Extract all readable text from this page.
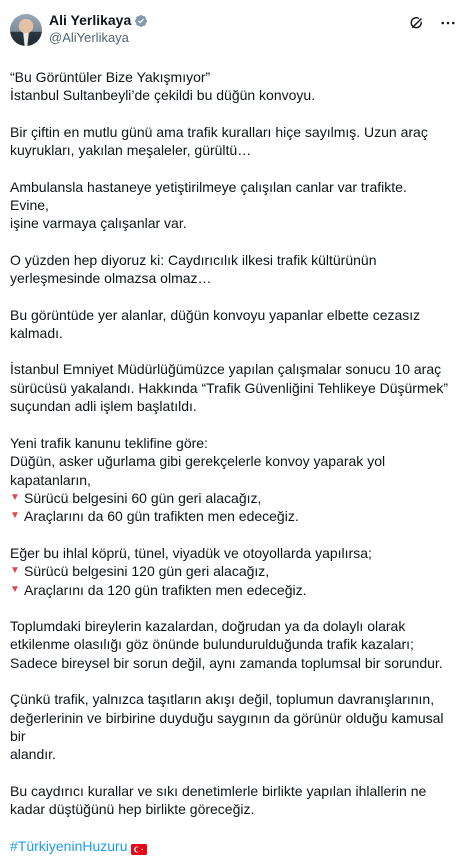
Ali Yerlikaya
@AliYerlikaya
“Bu Görüntüler Bize Yakışmıyor”
İstanbul Sultanbeyli’de çekildi bu düğün konvoyu.
Bir çiftin en mutlu günü ama trafik kuralları hiçe sayılmış. Uzun araç
kuyrukları, yakılan meşaleler, gürültü…
Ambulansla hastaneye yetiştirilmeye çalışılan canlar var trafikte. Evine,
işine varmaya çalışanlar var.
O yüzden hep diyoruz ki: Caydırıcılık ilkesi trafik kültürünün
yerleşmesinde olmazsa olmaz…
Bu görüntüde yer alanlar, düğün konvoyu yapanlar elbette cezasız
kalmadı.
İstanbul Emniyet Müdürlüğümüzce yapılan çalışmalar sonucu 10 araç
sürücüsü yakalandı. Hakkında “Trafik Güvenliğini Tehlikeye Düşürmek”
suçundan adli işlem başlatıldı.
Yeni trafik kanunu teklifine göre:
Düğün, asker uğurlama gibi gerekçelerle konvoy yaparak yol
kapatanların,
▼ Sürücü belgesini 60 gün geri alacağız,
▼ Araçlarını da 60 gün trafikten men edeceğiz.
Eğer bu ihlal köprü, tünel, viyadük ve otoyollarda yapılırsa;
▼ Sürücü belgesini 120 gün geri alacağız,
▼ Araçlarını da 120 gün trafikten men edeceğiz.
Toplumdaki bireylerin kazalardan, doğrudan ya da dolaylı olarak
etkilenme olasılığı göz önünde bulundurulduğunda trafik kazaları;
Sadece bireysel bir sorun değil, aynı zamanda toplumsal bir sorundur.
Çünkü trafik, yalnızca taşıtların akışı değil, toplumun davranışlarının,
değerlerinin ve birbirine duyduğu saygının da görünür olduğu kamusal bir
alandır.
Bu caydırıcı kurallar ve sıkı denetimlerle birlikte yapılan ihlallerin ne
kadar düştüğünü hep birlikte göreceğiz.
#TürkiyeninHuzuru
